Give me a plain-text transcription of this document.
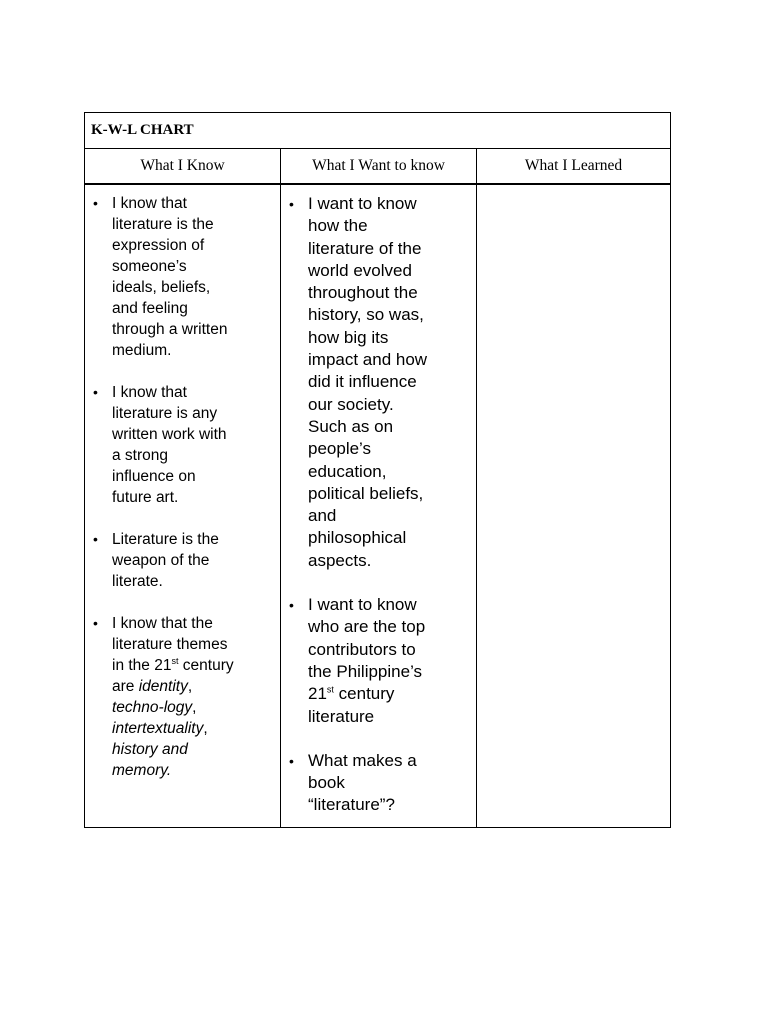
K-W-L CHART
What I Know	What I Want to know	What I Learned
• I know that
literature is the
expression of
someone’s
ideals, beliefs,
and feeling
through a written
medium.
• I know that
literature is any
written work with
a strong
influence on
future art.
• Literature is the
weapon of the
literate.
• I know that the
literature themes
in the 21st century
are identity,
techno-logy,
intertextuality,
history and
memory.
• I want to know
how the
literature of the
world evolved
throughout the
history, so was,
how big its
impact and how
did it influence
our society.
Such as on
people’s
education,
political beliefs,
and
philosophical
aspects.
• I want to know
who are the top
contributors to
the Philippine’s
21st century
literature
• What makes a
book
“literature”?
